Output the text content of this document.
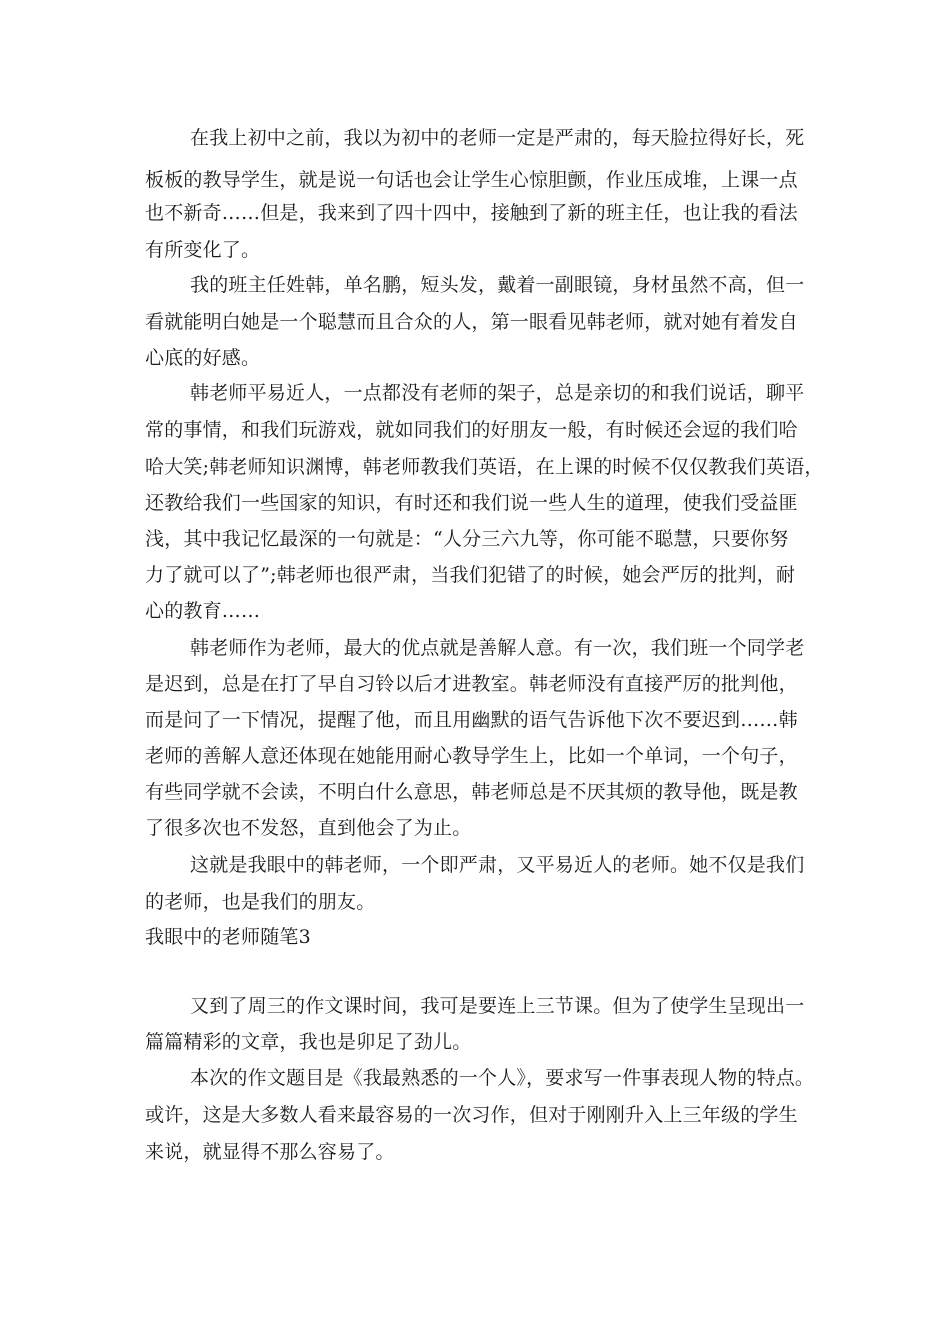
在我上初中之前，我以为初中的老师一定是严肃的，每天脸拉得好长，死
板板的教导学生，就是说一句话也会让学生心惊胆颤，作业压成堆，上课一点
也不新奇……但是，我来到了四十四中，接触到了新的班主任，也让我的看法
有所变化了。
我的班主任姓韩，单名鹏，短头发，戴着一副眼镜，身材虽然不高，但一
看就能明白她是一个聪慧而且合众的人，第一眼看见韩老师，就对她有着发自
心底的好感。
韩老师平易近人，一点都没有老师的架子，总是亲切的和我们说话，聊平
常的事情，和我们玩游戏，就如同我们的好朋友一般，有时候还会逗的我们哈
哈大笑;韩老师知识渊博，韩老师教我们英语，在上课的时候不仅仅教我们英语，
还教给我们一些国家的知识，有时还和我们说一些人生的道理，使我们受益匪
浅，其中我记忆最深的一句就是：“人分三六九等，你可能不聪慧，只要你努
力了就可以了”;韩老师也很严肃，当我们犯错了的时候，她会严厉的批判，耐
心的教育……
韩老师作为老师，最大的优点就是善解人意。有一次，我们班一个同学老
是迟到，总是在打了早自习铃以后才进教室。韩老师没有直接严厉的批判他，
而是问了一下情况，提醒了他，而且用幽默的语气告诉他下次不要迟到……韩
老师的善解人意还体现在她能用耐心教导学生上，比如一个单词，一个句子，
有些同学就不会读，不明白什么意思，韩老师总是不厌其烦的教导他，既是教
了很多次也不发怒，直到他会了为止。
这就是我眼中的韩老师，一个即严肃，又平易近人的老师。她不仅是我们
的老师，也是我们的朋友。
我眼中的老师随笔3
又到了周三的作文课时间，我可是要连上三节课。但为了使学生呈现出一
篇篇精彩的文章，我也是卯足了劲儿。
本次的作文题目是《我最熟悉的一个人》，要求写一件事表现人物的特点。
或许，这是大多数人看来最容易的一次习作，但对于刚刚升入上三年级的学生
来说，就显得不那么容易了。
